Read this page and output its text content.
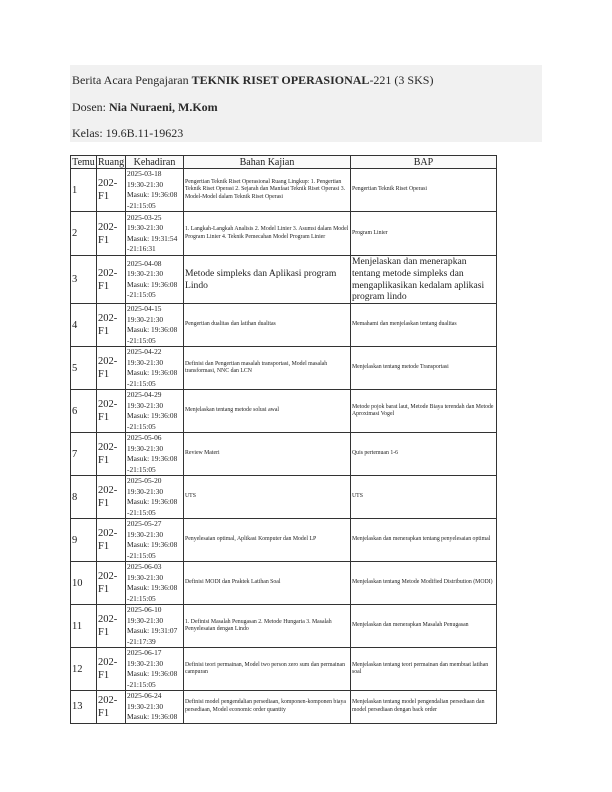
Berita Acara Pengajaran TEKNIK RISET OPERASIONAL-221 (3 SKS)
Dosen: Nia Nuraeni, M.Kom
Kelas: 19.6B.11-19623
Temu	Ruang	Kehadiran	Bahan Kajian	BAP
1	202-F1	2025-03-18
19:30-21:30
Masuk: 19:36:08
-21:15:05	Pengertian Teknik Riset Operasional Ruang Lingkup: 1. Pengertian Teknik Riset Operasi 2. Sejarah dan Manfaat Teknik Riset Operasi 3. Model-Model dalam Teknik Riset Operasi	Pengertian Teknik Riset Operasi
2	202-F1	2025-03-25
19:30-21:30
Masuk: 19:31:54
-21:16:31	1. Langkah-Langkah Analisis 2. Model Linier 3. Asumsi dalam Model Program Linier 4. Teknik Pemecahan Model Program Linier	Program Linier
3	202-F1	2025-04-08
19:30-21:30
Masuk: 19:36:08
-21:15:05	Metode simpleks dan Aplikasi program Lindo	Menjelaskan dan menerapkan tentang metode simpleks dan mengaplikasikan kedalam aplikasi program lindo
4	202-F1	2025-04-15
19:30-21:30
Masuk: 19:36:08
-21:15:05	Pengertian dualitas dan latihan dualitas	Memahami dan menjelaskan tentang dualitas
5	202-F1	2025-04-22
19:30-21:30
Masuk: 19:36:08
-21:15:05	Definisi dan Pengertian masalah transportasi, Model masalah transformasi, NNC dan LCN	Menjelaskan tentang metode Transportasi
6	202-F1	2025-04-29
19:30-21:30
Masuk: 19:36:08
-21:15:05	Menjelaskan tentang metode solusi awal	Metode pojok barat laut, Metode Biaya terendah dan Metode Aproximasi Vogel
7	202-F1	2025-05-06
19:30-21:30
Masuk: 19:36:08
-21:15:05	Review Materi	Quis pertemuan 1-6
8	202-F1	2025-05-20
19:30-21:30
Masuk: 19:36:08
-21:15:05	UTS	UTS
9	202-F1	2025-05-27
19:30-21:30
Masuk: 19:36:08
-21:15:05	Penyelesaian optimal, Aplikasi Komputer dan Model LP	Menjelaskan dan menerapkan tentang penyelesaian optimal
10	202-F1	2025-06-03
19:30-21:30
Masuk: 19:36:08
-21:15:05	Definisi MODI dan Praktek Latihan Soal	Menjelaskan tentang Metode Modified Distribution (MODI)
11	202-F1	2025-06-10
19:30-21:30
Masuk: 19:31:07
-21:17:39	1. Definisi Masalah Penugasan 2. Metode Hungaria 3. Masalah Penyelesaian dengan Lindo	Menjelaskan dan menerapkan Masalah Penugasan
12	202-F1	2025-06-17
19:30-21:30
Masuk: 19:36:08
-21:15:05	Definisi teori permainan, Model two person zero sum dan permainan campuran	Menjelaskan tentang teori permainan dan membuat latihan soal
13	202-F1	2025-06-24
19:30-21:30
Masuk: 19:36:08	Definisi model pengendalian persediaan, komponen-komponen biaya persediaan, Model economic order quantity	Menjelaskan tentang model pengendalian persediaan dan model persediaan dengan back order
